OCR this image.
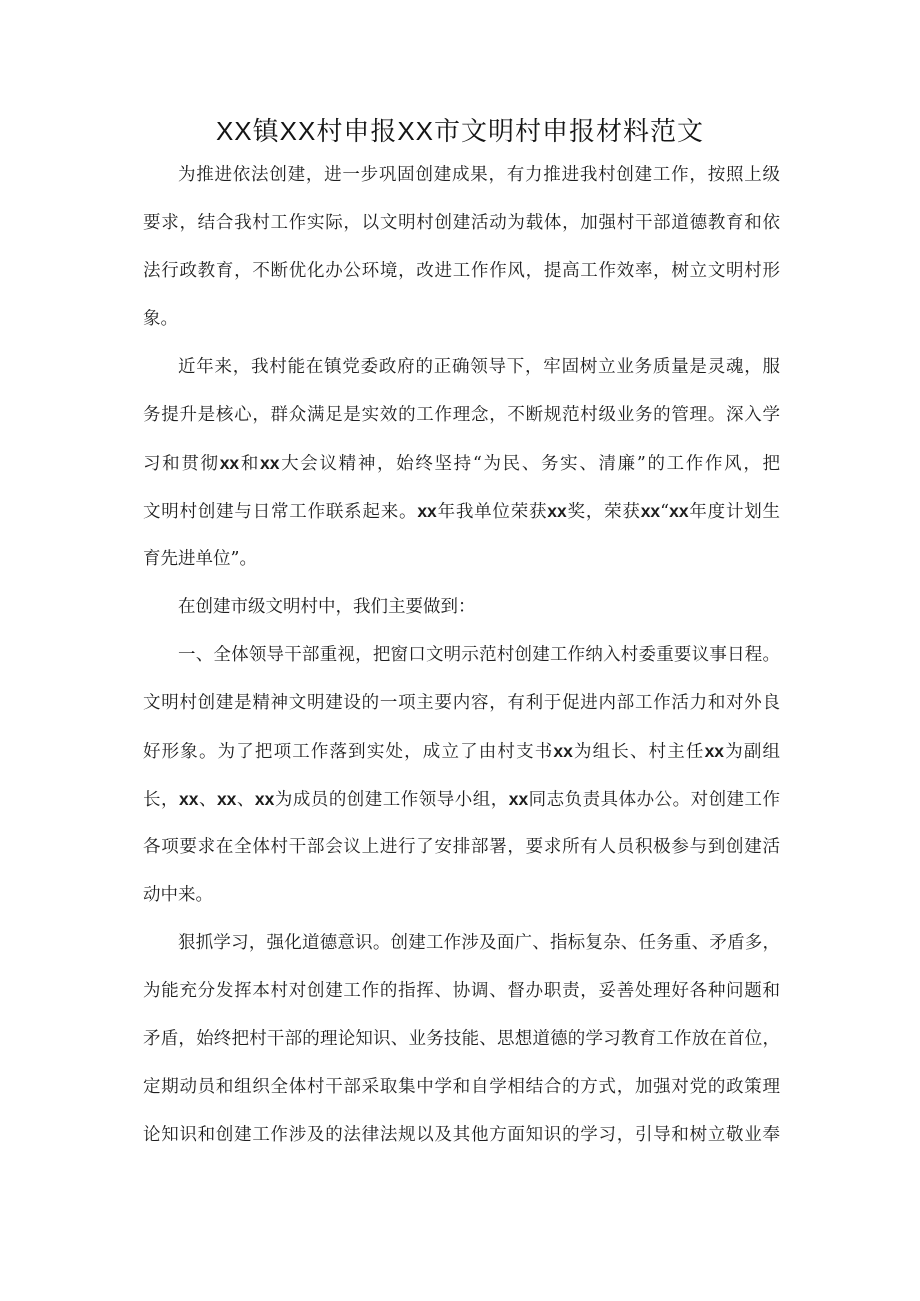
XX镇XX村申报XX市文明村申报材料范文
为推进依法创建，进一步巩固创建成果，有力推进我村创建工作，按照上级
要求，结合我村工作实际，以文明村创建活动为载体，加强村干部道德教育和依
法行政教育，不断优化办公环境，改进工作作风，提高工作效率，树立文明村形
象。
近年来，我村能在镇党委政府的正确领导下，牢固树立业务质量是灵魂，服
务提升是核心，群众满足是实效的工作理念，不断规范村级业务的管理。深入学
习和贯彻xx和xx大会议精神，始终坚持“为民、务实、清廉”的工作作风，把
文明村创建与日常工作联系起来。xx年我单位荣获xx奖，荣获xx“xx年度计划生
育先进单位”。
在创建市级文明村中，我们主要做到：
一、全体领导干部重视，把窗口文明示范村创建工作纳入村委重要议事日程。
文明村创建是精神文明建设的一项主要内容，有利于促进内部工作活力和对外良
好形象。为了把项工作落到实处，成立了由村支书xx为组长、村主任xx为副组
长，xx、xx、xx为成员的创建工作领导小组，xx同志负责具体办公。对创建工作
各项要求在全体村干部会议上进行了安排部署，要求所有人员积极参与到创建活
动中来。
狠抓学习，强化道德意识。创建工作涉及面广、指标复杂、任务重、矛盾多，
为能充分发挥本村对创建工作的指挥、协调、督办职责，妥善处理好各种问题和
矛盾，始终把村干部的理论知识、业务技能、思想道德的学习教育工作放在首位，
定期动员和组织全体村干部采取集中学和自学相结合的方式，加强对党的政策理
论知识和创建工作涉及的法律法规以及其他方面知识的学习，引导和树立敬业奉
